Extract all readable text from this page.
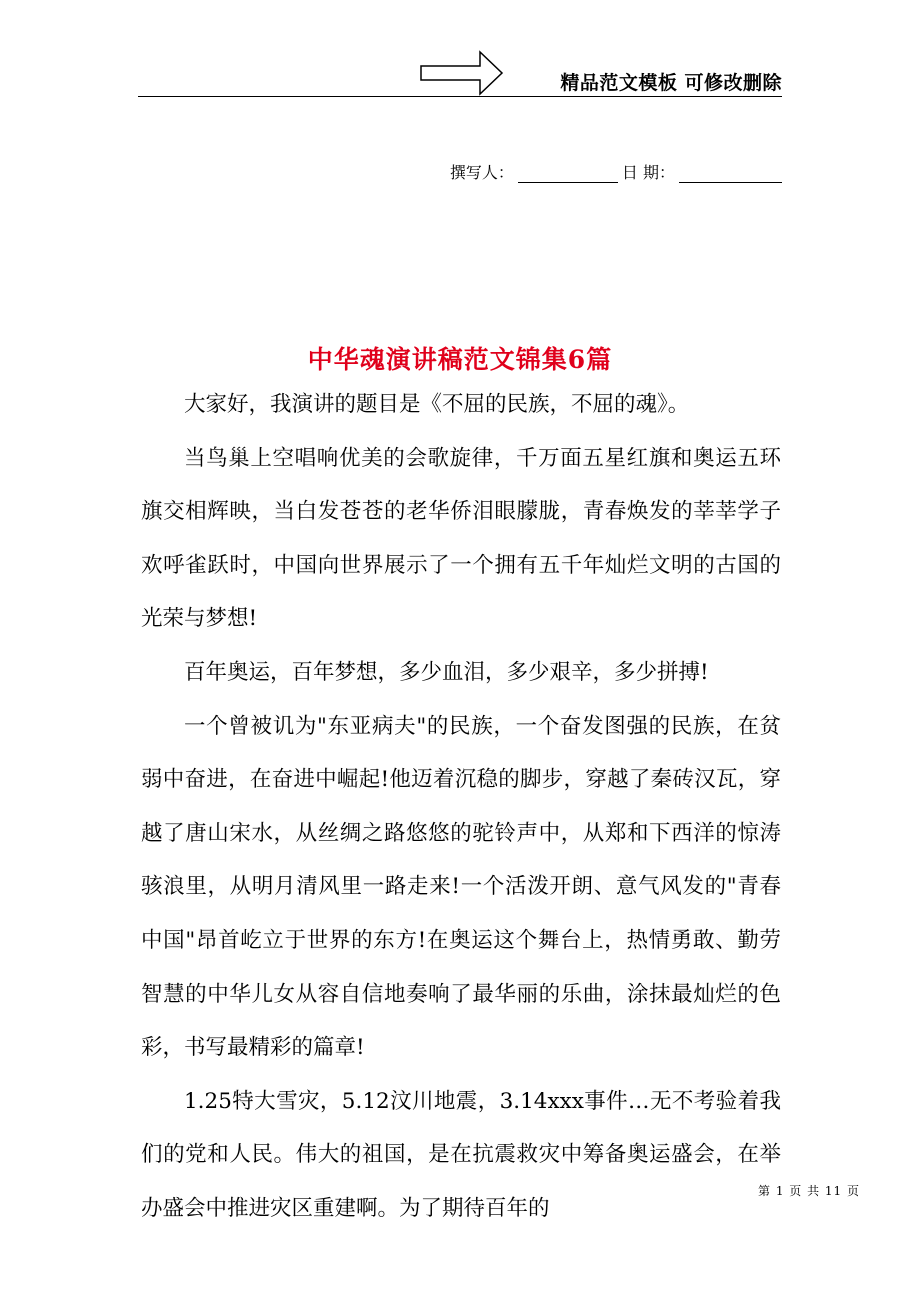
精品范文模板 可修改删除
撰写人：	日 期：
中华魂演讲稿范文锦集6篇

大家好，我演讲的题目是《不屈的民族，不屈的魂》。

当鸟巢上空唱响优美的会歌旋律，千万面五星红旗和奥运五环旗交相辉映，当白发苍苍的老华侨泪眼朦胧，青春焕发的莘莘学子欢呼雀跃时，中国向世界展示了一个拥有五千年灿烂文明的古国的光荣与梦想!

百年奥运，百年梦想，多少血泪，多少艰辛，多少拼搏!

一个曾被讥为"东亚病夫"的民族，一个奋发图强的民族，在贫弱中奋进，在奋进中崛起!他迈着沉稳的脚步，穿越了秦砖汉瓦，穿越了唐山宋水，从丝绸之路悠悠的驼铃声中，从郑和下西洋的惊涛骇浪里，从明月清风里一路走来!一个活泼开朗、意气风发的"青春中国"昂首屹立于世界的东方!在奥运这个舞台上，热情勇敢、勤劳智慧的中华儿女从容自信地奏响了最华丽的乐曲，涂抹最灿烂的色彩，书写最精彩的篇章!

1.25特大雪灾，5.12汶川地震，3.14xxx事件…无不考验着我们的党和人民。伟大的祖国，是在抗震救灾中筹备奥运盛会，在举办盛会中推进灾区重建啊。为了期待百年的

第 1 页 共 11 页
